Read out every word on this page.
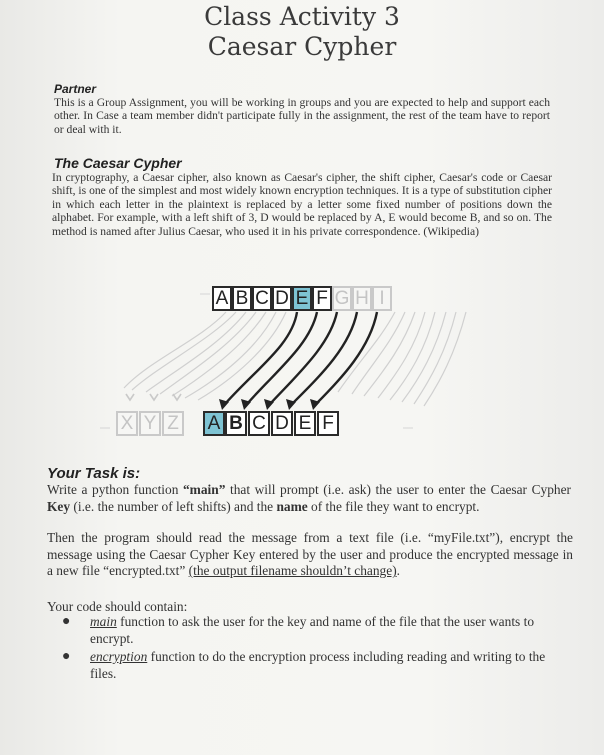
Class Activity 3
Caesar Cypher
Partner
This is a Group Assignment, you will be working in groups and you are expected to help and support each other. In Case a team member didn't participate fully in the assignment, the rest of the team have to report or deal with it.
The Caesar Cypher
In cryptography, a Caesar cipher, also known as Caesar's cipher, the shift cipher, Caesar's code or Caesar shift, is one of the simplest and most widely known encryption techniques. It is a type of substitution cipher in which each letter in the plaintext is replaced by a letter some fixed number of positions down the alphabet. For example, with a left shift of 3, D would be replaced by A, E would become B, and so on. The method is named after Julius Caesar, who used it in his private correspondence. (Wikipedia)
A B C D E F G H I
X Y Z A B C D E F
Your Task is:
Write a python function “main” that will prompt (i.e. ask) the user to enter the Caesar Cypher Key (i.e. the number of left shifts) and the name of the file they want to encrypt.
Then the program should read the message from a text file (i.e. “myFile.txt”), encrypt the message using the Caesar Cypher Key entered by the user and produce the encrypted message in a new file “encrypted.txt” (the output filename shouldn’t change).
Your code should contain:
● main function to ask the user for the key and name of the file that the user wants to encrypt.
● encryption function to do the encryption process including reading and writing to the files.
